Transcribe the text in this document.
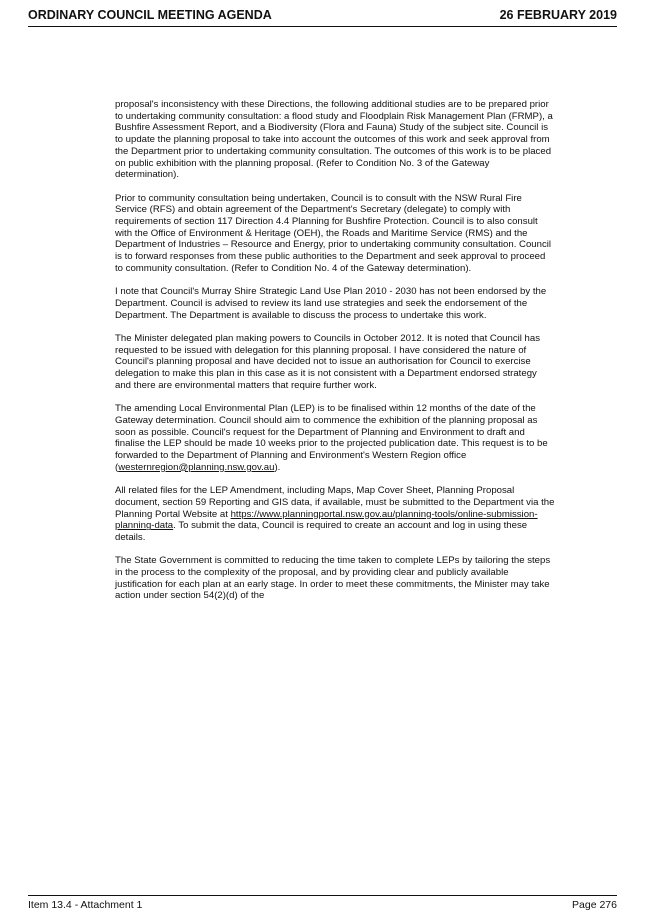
ORDINARY COUNCIL MEETING AGENDA	26 FEBRUARY 2019

proposal's inconsistency with these Directions, the following additional studies are to be prepared prior to undertaking community consultation: a flood study and Floodplain Risk Management Plan (FRMP), a Bushfire Assessment Report, and a Biodiversity (Flora and Fauna) Study of the subject site. Council is to update the planning proposal to take into account the outcomes of this work and seek approval from the Department prior to undertaking community consultation. The outcomes of this work is to be placed on public exhibition with the planning proposal. (Refer to Condition No. 3 of the Gateway determination).

Prior to community consultation being undertaken, Council is to consult with the NSW Rural Fire Service (RFS) and obtain agreement of the Department's Secretary (delegate) to comply with requirements of section 117 Direction 4.4 Planning for Bushfire Protection. Council is to also consult with the Office of Environment & Heritage (OEH), the Roads and Maritime Service (RMS) and the Department of Industries – Resource and Energy, prior to undertaking community consultation. Council is to forward responses from these public authorities to the Department and seek approval to proceed to community consultation. (Refer to Condition No. 4 of the Gateway determination).

I note that Council's Murray Shire Strategic Land Use Plan 2010 - 2030 has not been endorsed by the Department. Council is advised to review its land use strategies and seek the endorsement of the Department. The Department is available to discuss the process to undertake this work.

The Minister delegated plan making powers to Councils in October 2012. It is noted that Council has requested to be issued with delegation for this planning proposal. I have considered the nature of Council's planning proposal and have decided not to issue an authorisation for Council to exercise delegation to make this plan in this case as it is not consistent with a Department endorsed strategy and there are environmental matters that require further work.

The amending Local Environmental Plan (LEP) is to be finalised within 12 months of the date of the Gateway determination. Council should aim to commence the exhibition of the planning proposal as soon as possible. Council's request for the Department of Planning and Environment to draft and finalise the LEP should be made 10 weeks prior to the projected publication date. This request is to be forwarded to the Department of Planning and Environment's Western Region office (westernregion@planning.nsw.gov.au).

All related files for the LEP Amendment, including Maps, Map Cover Sheet, Planning Proposal document, section 59 Reporting and GIS data, if available, must be submitted to the Department via the Planning Portal Website at https://www.planningportal.nsw.gov.au/planning-tools/online-submission-planning-data. To submit the data, Council is required to create an account and log in using these details.

The State Government is committed to reducing the time taken to complete LEPs by tailoring the steps in the process to the complexity of the proposal, and by providing clear and publicly available justification for each plan at an early stage. In order to meet these commitments, the Minister may take action under section 54(2)(d) of the

Item 13.4 - Attachment 1	Page 276
